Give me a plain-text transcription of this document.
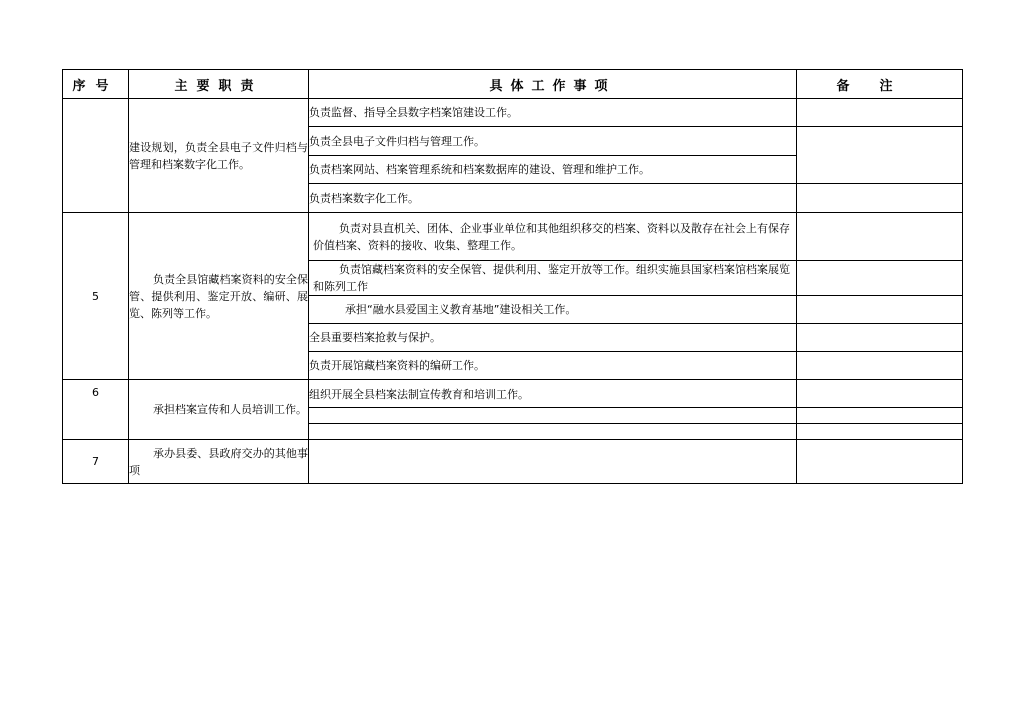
序号	主要职责	具体工作事项	备注
	建设规划，负责全县电子文件归档与管理和档案数字化工作。	负责监督、指导全县数字档案馆建设工作。	
		负责全县电子文件归档与管理工作。	
		负责档案网站、档案管理系统和档案数据库的建设、管理和维护工作。	
		负责档案数字化工作。	
5	负责全县馆藏档案资料的安全保管、提供利用、鉴定开放、编研、展览、陈列等工作。	负责对县直机关、团体、企业事业单位和其他组织移交的档案、资料以及散存在社会上有保存价值档案、资料的接收、收集、整理工作。	
		负责馆藏档案资料的安全保管、提供利用、鉴定开放等工作。组织实施县国家档案馆档案展览和陈列工作	
		承担“融水县爱国主义教育基地”建设相关工作。	
		全县重要档案抢救与保护。	
		负责开展馆藏档案资料的编研工作。	
6	承担档案宣传和人员培训工作。	组织开展全县档案法制宣传教育和培训工作。	

7	承办县委、县政府交办的其他事项		
